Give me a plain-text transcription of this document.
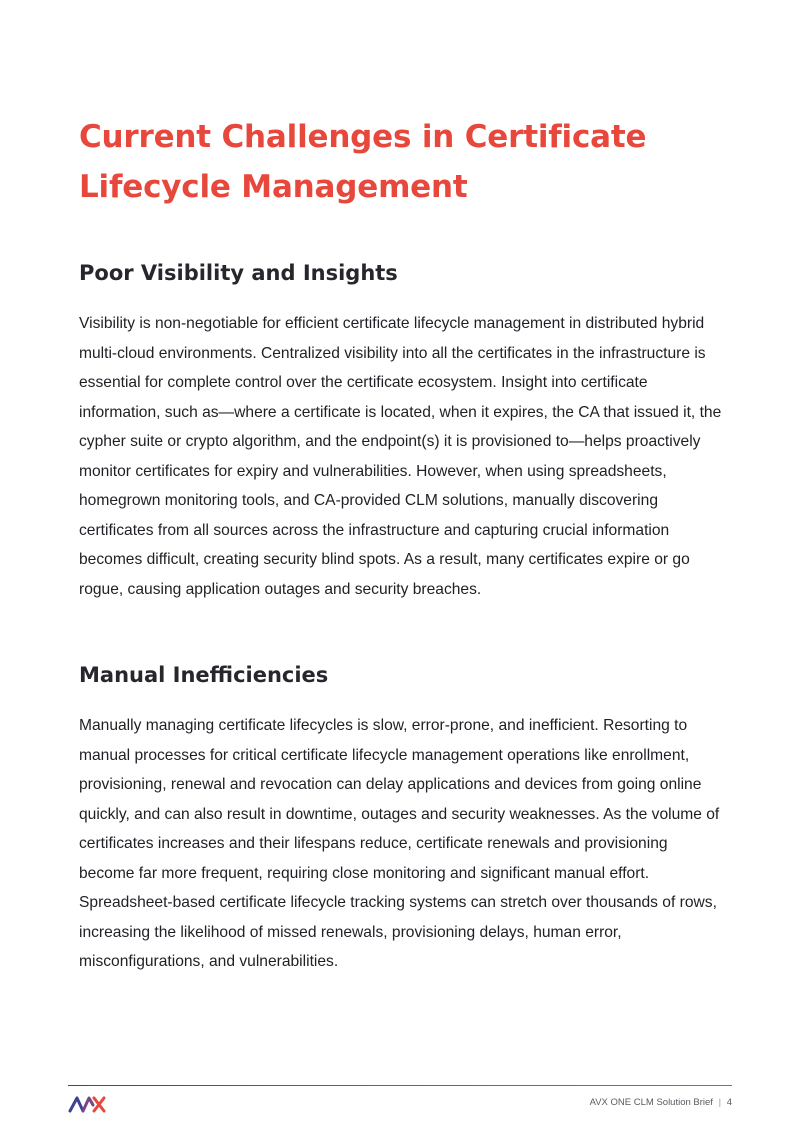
Current Challenges in Certificate Lifecycle Management
Poor Visibility and Insights

Visibility is non-negotiable for efficient certificate lifecycle management in distributed hybrid multi-cloud environments. Centralized visibility into all the certificates in the infrastructure is essential for complete control over the certificate ecosystem. Insight into certificate information, such as—where a certificate is located, when it expires, the CA that issued it, the cypher suite or crypto algorithm, and the endpoint(s) it is provisioned to—helps proactively monitor certificates for expiry and vulnerabilities. However, when using spreadsheets, homegrown monitoring tools, and CA-provided CLM solutions, manually discovering certificates from all sources across the infrastructure and capturing crucial information becomes difficult, creating security blind spots. As a result, many certificates expire or go rogue, causing application outages and security breaches.

Manual Inefficiencies

Manually managing certificate lifecycles is slow, error-prone, and inefficient. Resorting to manual processes for critical certificate lifecycle management operations like enrollment, provisioning, renewal and revocation can delay applications and devices from going online quickly, and can also result in downtime, outages and security weaknesses. As the volume of certificates increases and their lifespans reduce, certificate renewals and provisioning become far more frequent, requiring close monitoring and significant manual effort. Spreadsheet-based certificate lifecycle tracking systems can stretch over thousands of rows, increasing the likelihood of missed renewals, provisioning delays, human error, misconfigurations, and vulnerabilities.

AVX ONE CLM Solution Brief | 4
